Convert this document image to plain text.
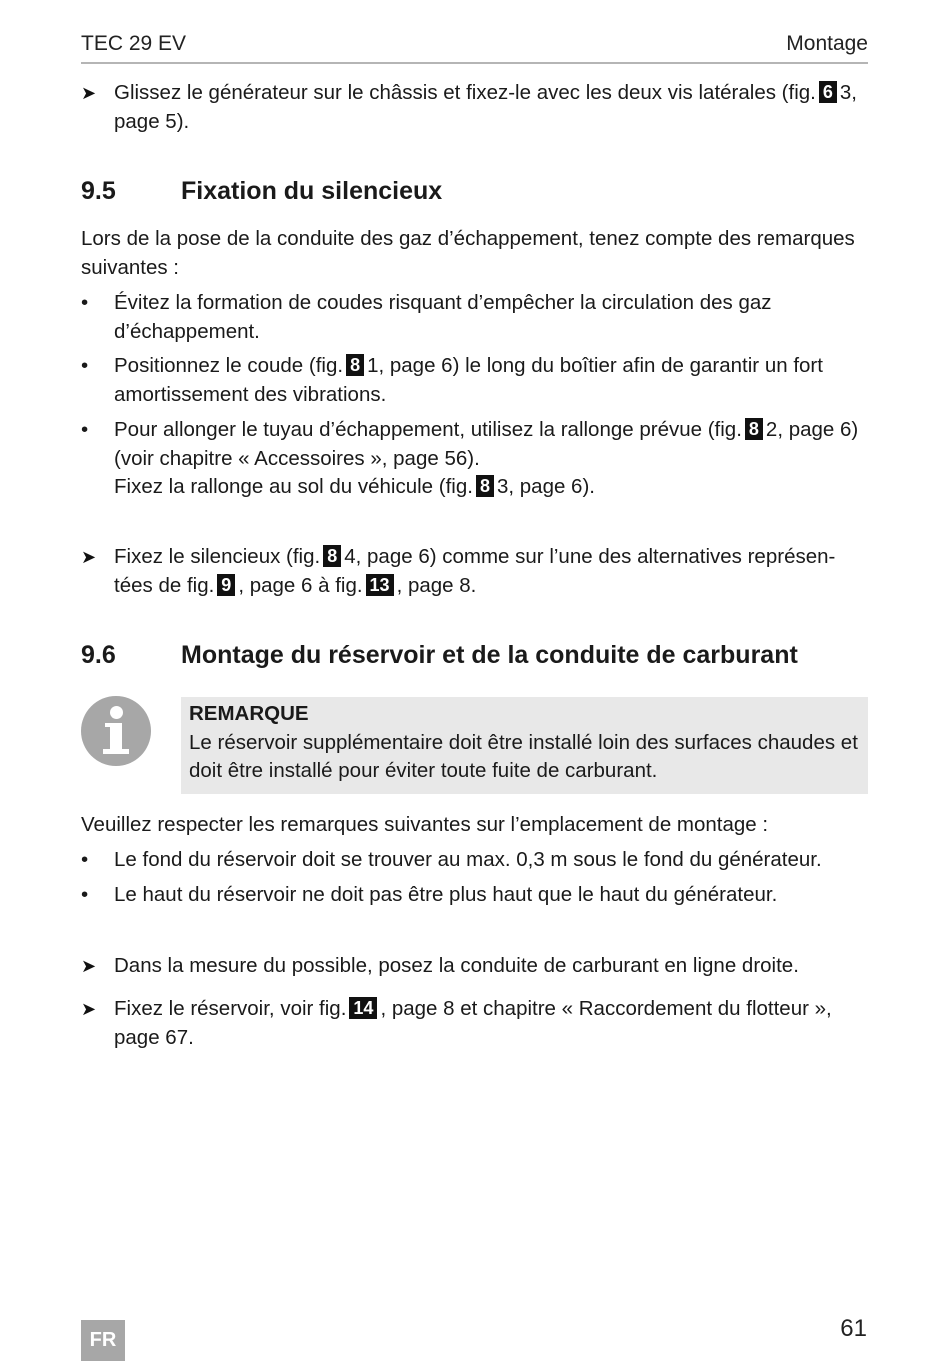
TEC 29 EV	Montage
➤ Glissez le générateur sur le châssis et fixez-le avec les deux vis latérales (fig. 6 3,
page 5).
9.5	Fixation du silencieux
Lors de la pose de la conduite des gaz d’échappement, tenez compte des remarques suivantes :
•	Évitez la formation de coudes risquant d’empêcher la circulation des gaz d’échappement.
•	Positionnez le coude (fig. 8 1, page 6) le long du boîtier afin de garantir un fort amortissement des vibrations.
•	Pour allonger le tuyau d’échappement, utilisez la rallonge prévue (fig. 8 2, page 6) (voir chapitre « Accessoires », page 56).
Fixez la rallonge au sol du véhicule (fig. 8 3, page 6).
➤ Fixez le silencieux (fig. 8 4, page 6) comme sur l’une des alternatives représen- tées de fig. 9 , page 6 à fig. 13 , page 8.
9.6	Montage du réservoir et de la conduite de carburant
REMARQUE
Le réservoir supplémentaire doit être installé loin des surfaces chaudes et doit être installé pour éviter toute fuite de carburant.
Veuillez respecter les remarques suivantes sur l’emplacement de montage :
•	Le fond du réservoir doit se trouver au max. 0,3 m sous le fond du générateur.
•	Le haut du réservoir ne doit pas être plus haut que le haut du générateur.
➤ Dans la mesure du possible, posez la conduite de carburant en ligne droite.
➤ Fixez le réservoir, voir fig. 14 , page 8 et chapitre « Raccordement du flotteur »,
page 67.
FR	61
